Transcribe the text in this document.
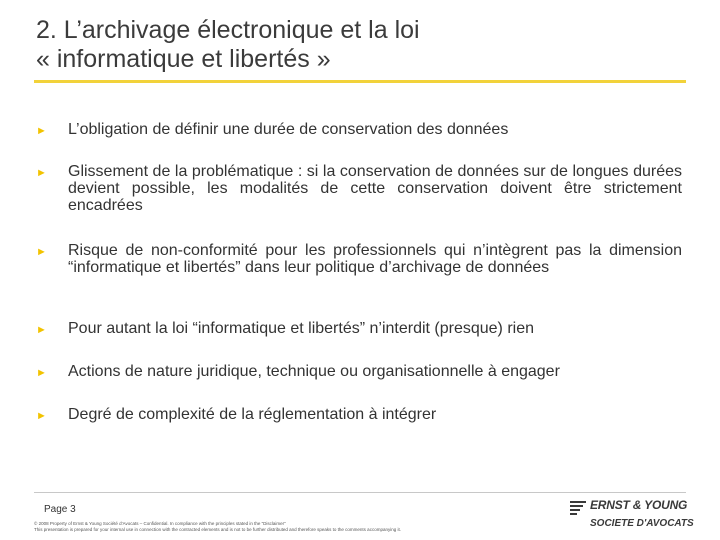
2. L’archivage électronique et la loi
« informatique et libertés »
►	L’obligation de définir une durée de conservation des données
►	Glissement de la problématique : si la conservation de données sur de longues durées devient possible, les modalités de cette conservation doivent être strictement encadrées
►	Risque de non-conformité pour les professionnels qui n’intègrent pas la dimension “informatique et libertés” dans leur politique d’archivage de données
►	Pour autant la loi “informatique et libertés” n’interdit (presque) rien
►	Actions de nature juridique, technique ou organisationnelle à engager
►	Degré de complexité de la réglementation à intégrer
Page 3
© 2008 Property of Ernst & Young Société d’Avocats – Confidential. In compliance with the principles stated in the “Disclaimer”
This presentation is prepared for your internal use in connection with the contracted elements and is not to be further distributed and therefore speaks to the comments accompanying it.
ERNST & YOUNG
SOCIETE D'AVOCATS
